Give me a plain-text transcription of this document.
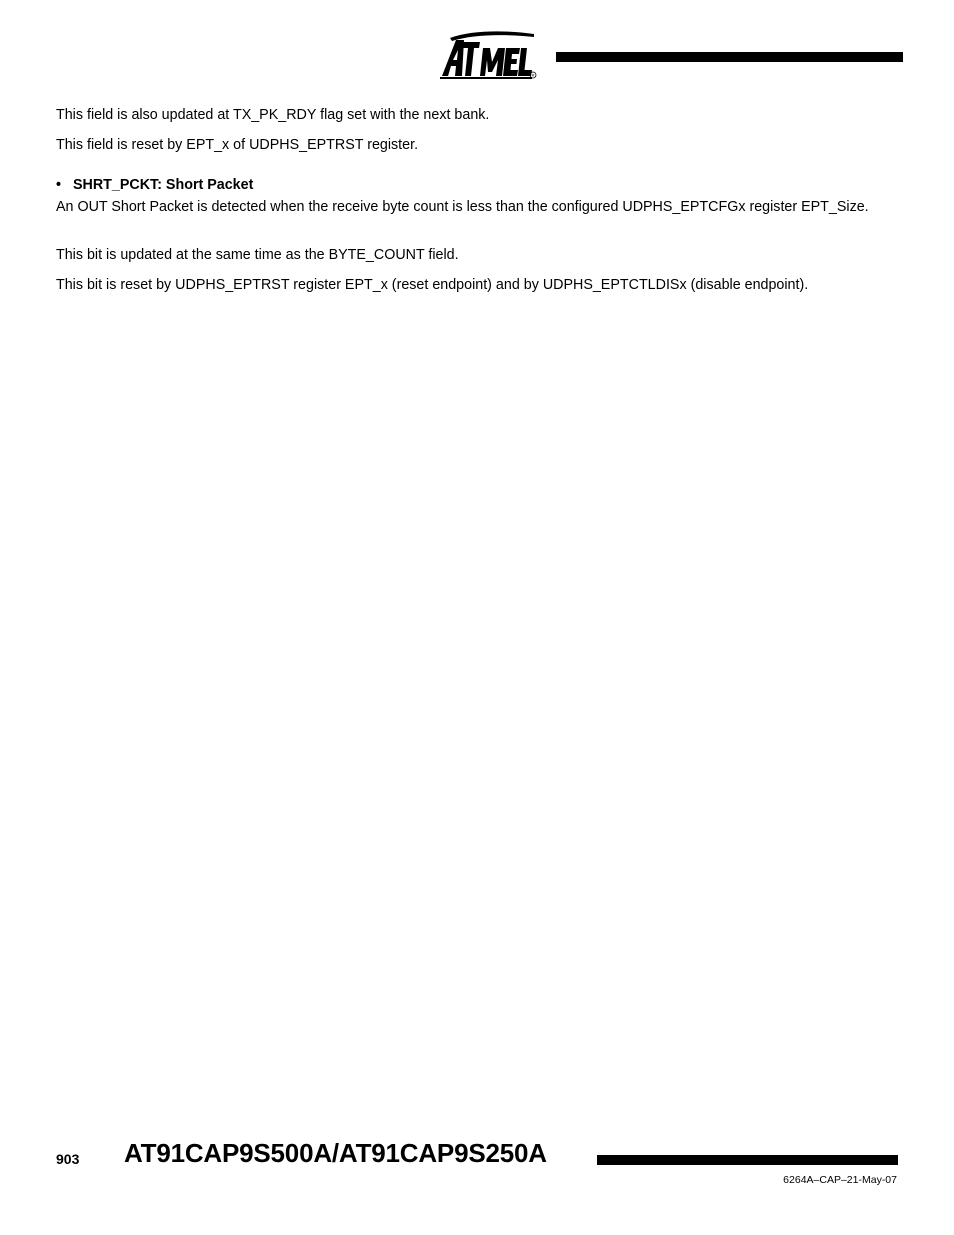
R

This field is also updated at TX_PK_RDY flag set with the next bank.

This field is reset by EPT_x of UDPHS_EPTRST register.

• SHRT_PCKT: Short Packet

An OUT Short Packet is detected when the receive byte count is less than the configured UDPHS_EPTCFGx register EPT_Size.

This bit is updated at the same time as the BYTE_COUNT field.

This bit is reset by UDPHS_EPTRST register EPT_x (reset endpoint) and by UDPHS_EPTCTLDISx (disable endpoint).

903 AT91CAP9S500A/AT91CAP9S250A
6264A–CAP–21-May-07
